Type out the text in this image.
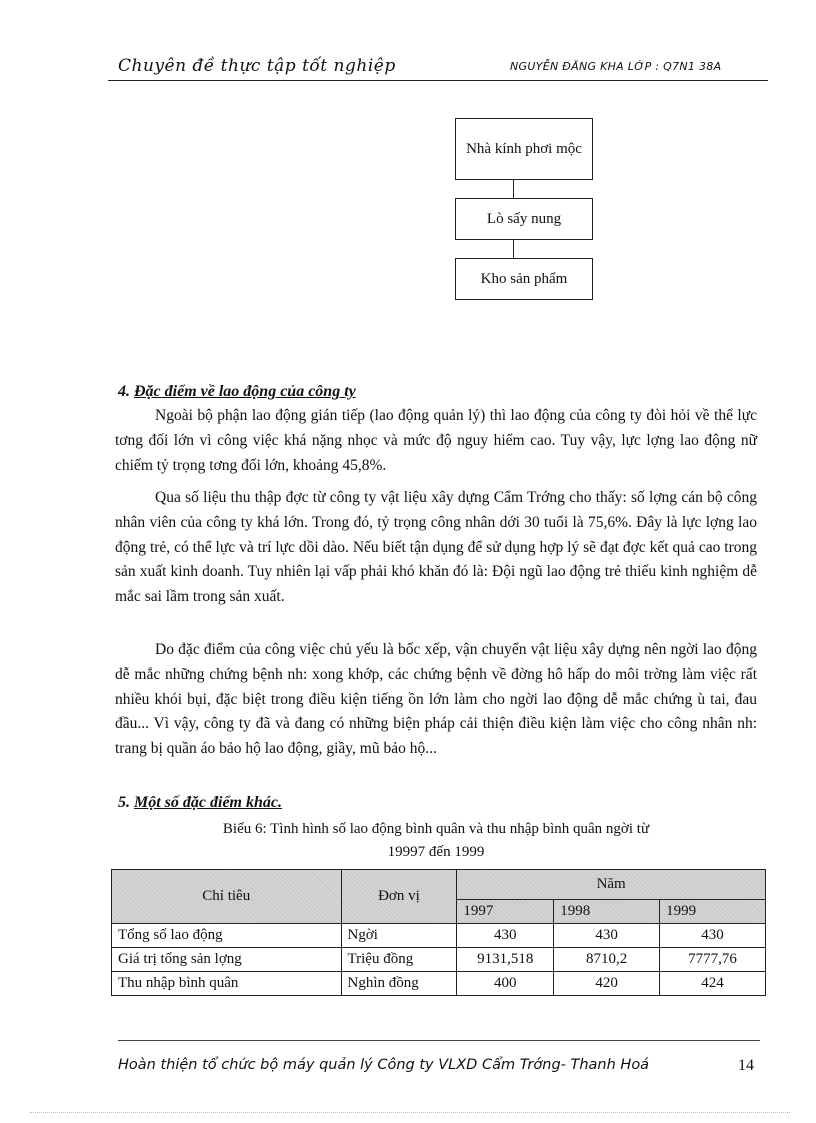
Chuyên đề thực tập tốt nghiệp	NGUYỄN ĐĂNG KHA LỚP : Q7N1 38A
Nhà kính phơi mộc
Lò sấy nung
Kho sản phẩm
4. Đặc điểm về lao động của công ty

Ngoài bộ phận lao động gián tiếp (lao động quản lý) thì lao động của công ty đòi hỏi về thể lực tơng đối lớn vì công việc khá nặng nhọc và mức độ nguy hiểm cao. Tuy vậy, lực lợng lao động nữ chiếm tỷ trọng tơng đối lớn, khoảng 45,8%.

Qua số liệu thu thập đợc từ công ty vật liệu xây dựng Cẩm Trớng cho thấy: số lợng cán bộ công nhân viên của công ty khá lớn. Trong đó, tỷ trọng công nhân dới 30 tuổi là 75,6%. Đây là lực lợng lao động trẻ, có thể lực và trí lực dồi dào. Nếu biết tận dụng để sử dụng hợp lý sẽ đạt đợc kết quả cao trong sản xuất kinh doanh. Tuy nhiên lại vấp phải khó khăn đó là: Đội ngũ lao động trẻ thiếu kinh nghiệm dễ mắc sai lầm trong sản xuất.

Do đặc điểm của công việc chủ yếu là bốc xếp, vận chuyển vật liệu xây dựng nên ngời lao động dễ mắc những chứng bệnh nh: xong khớp, các chứng bệnh về đờng hô hấp do môi trờng làm việc rất nhiều khói bụi, đặc biệt trong điều kiện tiếng ồn lớn làm cho ngời lao động dễ mắc chứng ù tai, đau đầu... Vì vậy, công ty đã và đang có những biện pháp cải thiện điều kiện làm việc cho công nhân nh: trang bị quần áo bảo hộ lao động, giầy, mũ bảo hộ...

5. Một số đặc điểm khác.
Biểu 6: Tình hình số lao động bình quân và thu nhập bình quân ngời từ
19997 đến 1999
Chỉ tiêu	Đơn vị	Năm		
		1997	1998	1999
Tổng số lao động	Ngời	430	430	430
Giá trị tổng sản lợng	Triệu đồng	9131,518	8710,2	7777,76
Thu nhập bình quân	Nghìn đồng	400	420	424
Hoàn thiện tổ chức bộ máy quản lý Công ty VLXD Cẩm Trớng- Thanh Hoá	14
